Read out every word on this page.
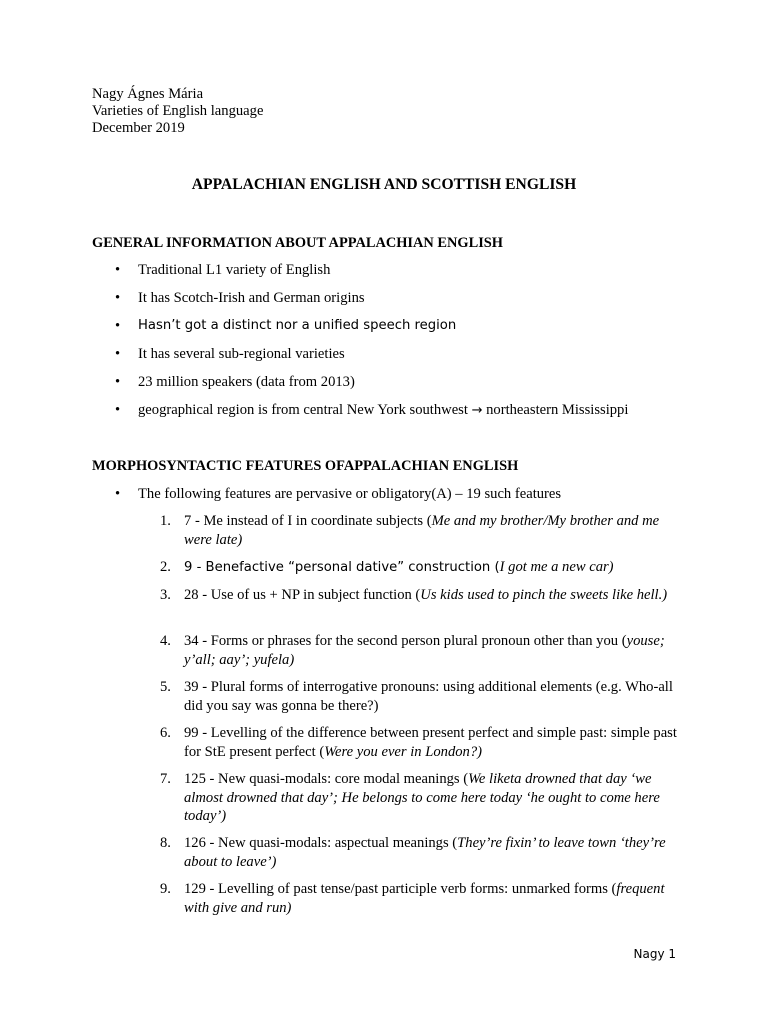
Nagy Ágnes Mária
Varieties of English language
December 2019
APPALACHIAN ENGLISH AND SCOTTISH ENGLISH
GENERAL INFORMATION ABOUT APPALACHIAN ENGLISH
• Traditional L1 variety of English
• It has Scotch-Irish and German origins
• Hasn’t got a distinct nor a unified speech region
• It has several sub-regional varieties
• 23 million speakers (data from 2013)
• geographical region is from central New York southwest → northeastern Mississippi
MORPHOSYNTACTIC FEATURES OFAPPALACHIAN ENGLISH
• The following features are pervasive or obligatory(A) – 19 such features
1. 7 - Me instead of I in coordinate subjects (Me and my brother/My brother and me were late)
2. 9 - Benefactive “personal dative” construction (I got me a new car)
3. 28 - Use of us + NP in subject function (Us kids used to pinch the sweets like hell.)
4. 34 - Forms or phrases for the second person plural pronoun other than you (youse; y’all; aay’; yufela)
5. 39 - Plural forms of interrogative pronouns: using additional elements (e.g. Who-all did you say was gonna be there?)
6. 99 - Levelling of the difference between present perfect and simple past: simple past for StE present perfect (Were you ever in London?)
7. 125 - New quasi-modals: core modal meanings (We liketa drowned that day ‘we almost drowned that day’; He belongs to come here today ‘he ought to come here today’)
8. 126 - New quasi-modals: aspectual meanings (They’re fixin’ to leave town ‘they’re about to leave’)
9. 129 - Levelling of past tense/past participle verb forms: unmarked forms (frequent with give and run)
Nagy 1
